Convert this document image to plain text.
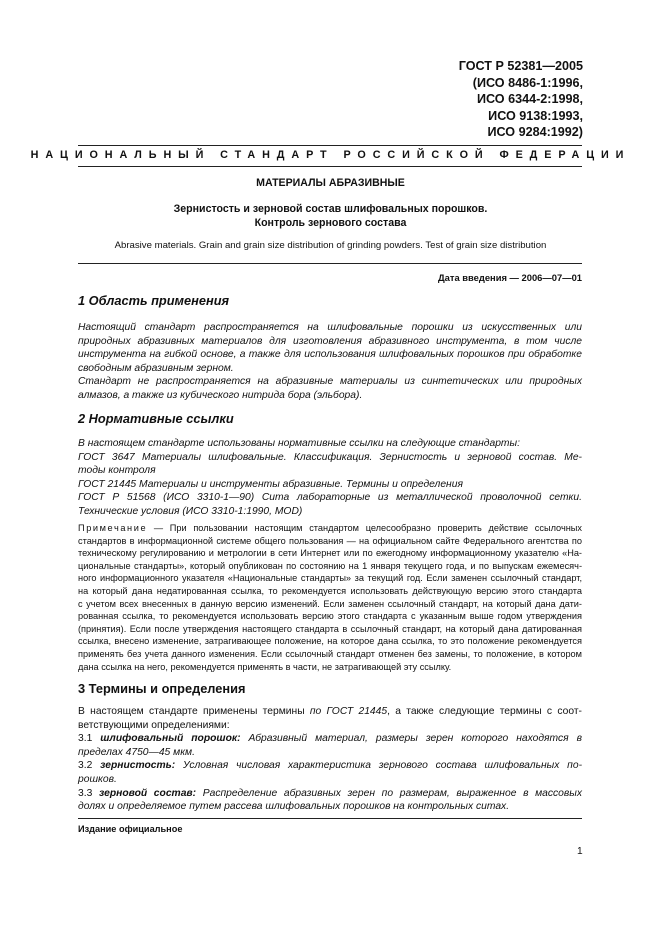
ГОСТ Р 52381—2005
(ИСО 8486-1:1996,
ИСО 6344-2:1998,
ИСО 9138:1993,
ИСО 9284:1992)
НАЦИОНАЛЬНЫЙ СТАНДАРТ РОССИЙСКОЙ ФЕДЕРАЦИИ
МАТЕРИАЛЫ АБРАЗИВНЫЕ
Зернистость и зерновой состав шлифовальных порошков.
Контроль зернового состава
Abrasive materials. Grain and grain size distribution of grinding powders. Test of grain size distribution
Дата введения — 2006—07—01
1 Область применения
Настоящий стандарт распространяется на шлифовальные порошки из искусственных или
природных абразивных материалов для изготовления абразивного инструмента, в том числе
инструмента на гибкой основе, а также для использования шлифовальных порошков при обработке
свободным абразивным зерном.
Стандарт не распространяется на абразивные материалы из синтетических или природных
алмазов, а также из кубического нитрида бора (эльбора).
2 Нормативные ссылки
В настоящем стандарте использованы нормативные ссылки на следующие стандарты:
ГОСТ 3647 Материалы шлифовальные. Классификация. Зернистость и зерновой состав. Ме-
тоды контроля
ГОСТ 21445 Материалы и инструменты абразивные. Термины и определения
ГОСТ Р 51568 (ИСО 3310-1—90) Сита лабораторные из металлической проволочной сетки.
Технические условия (ИСО 3310-1:1990, MOD)
Примечание — При пользовании настоящим стандартом целесообразно проверить действие ссылочных
стандартов в информационной системе общего пользования — на официальном сайте Федерального агентства по
техническому регулированию и метрологии в сети Интернет или по ежегодному информационному указателю «На-
циональные стандарты», который опубликован по состоянию на 1 января текущего года, и по выпускам ежемесяч-
ного информационного указателя «Национальные стандарты» за текущий год. Если заменен ссылочный стандарт,
на который дана недатированная ссылка, то рекомендуется использовать действующую версию этого стандарта
с учетом всех внесенных в данную версию изменений. Если заменен ссылочный стандарт, на который дана дати-
рованная ссылка, то рекомендуется использовать версию этого стандарта с указанным выше годом утверждения
(принятия). Если после утверждения настоящего стандарта в ссылочный стандарт, на который дана датированная
ссылка, внесено изменение, затрагивающее положение, на которое дана ссылка, то это положение рекомендуется
применять без учета данного изменения. Если ссылочный стандарт отменен без замены, то положение, в котором
дана ссылка на него, рекомендуется применять в части, не затрагивающей эту ссылку.
3 Термины и определения
В настоящем стандарте применены термины по ГОСТ 21445, а также следующие термины с соот-
ветствующими определениями:
3.1 шлифовальный порошок: Абразивный материал, размеры зерен которого находятся в
пределах 4750—45 мкм.
3.2 зернистость: Условная числовая характеристика зернового состава шлифовальных по-
рошков.
3.3 зерновой состав: Распределение абразивных зерен по размерам, выраженное в массовых
долях и определяемое путем рассева шлифовальных порошков на контрольных ситах.
Издание официальное
1
